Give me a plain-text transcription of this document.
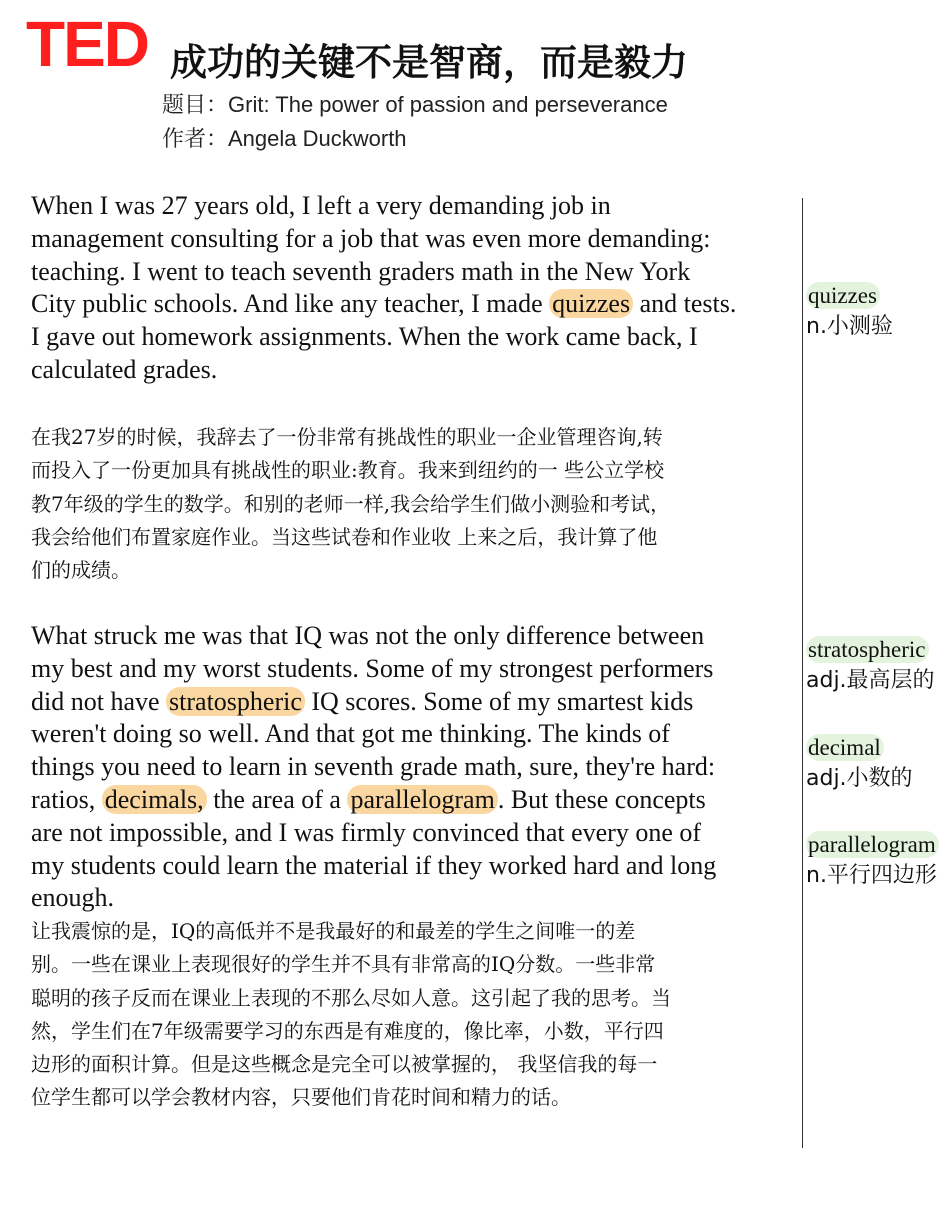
TED 成功的关键不是智商，而是毅力
题目：Grit: The power of passion and perseverance
作者：Angela Duckworth

When I was 27 years old, I left a very demanding job in

management consulting for a job that was even more demanding:

teaching. I went to teach seventh graders math in the New York

City public schools. And like any teacher, I made quizzes and tests.

I gave out homework assignments. When the work came back, I

calculated grades.

在我27岁的时候，我辞去了一份非常有挑战性的职业一企业管理咨询,转

而投入了一份更加具有挑战性的职业:教育。我来到纽约的一 些公立学校

教7年级的学生的数学。和别的老师一样,我会给学生们做小测验和考试，

我会给他们布置家庭作业。当这些试卷和作业收 上来之后，我计算了他

们的成绩。

What struck me was that IQ was not the only difference between

my best and my worst students. Some of my strongest performers

did not have stratospheric IQ scores. Some of my smartest kids

weren't doing so well. And that got me thinking. The kinds of

things you need to learn in seventh grade math, sure, they're hard:

ratios, decimals, the area of a parallelogram . But these concepts

are not impossible, and I was firmly convinced that every one of

my students could learn the material if they worked hard and long

enough.

让我震惊的是，IQ的高低并不是我最好的和最差的学生之间唯一的差

别。一些在课业上表现很好的学生并不具有非常高的IQ分数。一些非常

聪明的孩子反而在课业上表现的不那么尽如人意。这引起了我的思考。当

然，学生们在7年级需要学习的东西是有难度的，像比率，小数，平行四

边形的面积计算。但是这些概念是完全可以被掌握的， 我坚信我的每一

位学生都可以学会教材内容，只要他们肯花时间和精力的话。

quizzes
n.小测验
stratospheric
adj.最高层的
decimal
adj.小数的
parallelogram
n.平行四边形
